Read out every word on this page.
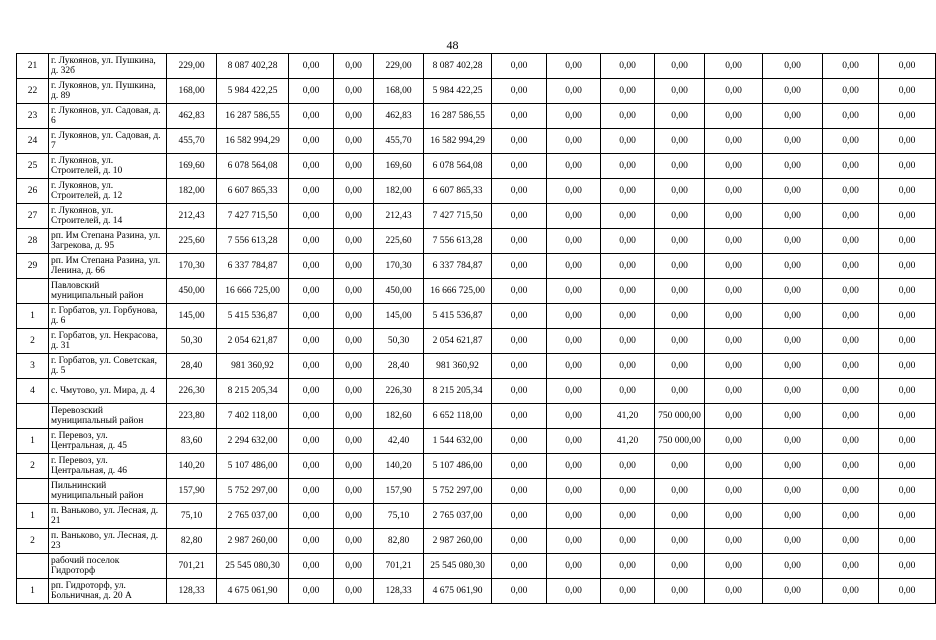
48
21	г. Лукоянов, ул. Пушкина, д. 32б	229,00	8 087 402,28	0,00	0,00	229,00	8 087 402,28	0,00	0,00	0,00	0,00	0,00	0,00	0,00	0,00
22	г. Лукоянов, ул. Пушкина, д. 89	168,00	5 984 422,25	0,00	0,00	168,00	5 984 422,25	0,00	0,00	0,00	0,00	0,00	0,00	0,00	0,00
23	г. Лукоянов, ул. Садовая, д. 6	462,83	16 287 586,55	0,00	0,00	462,83	16 287 586,55	0,00	0,00	0,00	0,00	0,00	0,00	0,00	0,00
24	г. Лукоянов, ул. Садовая, д. 7	455,70	16 582 994,29	0,00	0,00	455,70	16 582 994,29	0,00	0,00	0,00	0,00	0,00	0,00	0,00	0,00
25	г. Лукоянов, ул. Строителей, д. 10	169,60	6 078 564,08	0,00	0,00	169,60	6 078 564,08	0,00	0,00	0,00	0,00	0,00	0,00	0,00	0,00
26	г. Лукоянов, ул. Строителей, д. 12	182,00	6 607 865,33	0,00	0,00	182,00	6 607 865,33	0,00	0,00	0,00	0,00	0,00	0,00	0,00	0,00
27	г. Лукоянов, ул. Строителей, д. 14	212,43	7 427 715,50	0,00	0,00	212,43	7 427 715,50	0,00	0,00	0,00	0,00	0,00	0,00	0,00	0,00
28	рп. Им Степана Разина, ул. Загрекова, д. 95	225,60	7 556 613,28	0,00	0,00	225,60	7 556 613,28	0,00	0,00	0,00	0,00	0,00	0,00	0,00	0,00
29	рп. Им Степана Разина, ул. Ленина, д. 66	170,30	6 337 784,87	0,00	0,00	170,30	6 337 784,87	0,00	0,00	0,00	0,00	0,00	0,00	0,00	0,00
	Павловский муниципальный район	450,00	16 666 725,00	0,00	0,00	450,00	16 666 725,00	0,00	0,00	0,00	0,00	0,00	0,00	0,00	0,00
1	г. Горбатов, ул. Горбунова, д. 6	145,00	5 415 536,87	0,00	0,00	145,00	5 415 536,87	0,00	0,00	0,00	0,00	0,00	0,00	0,00	0,00
2	г. Горбатов, ул. Некрасова, д. 31	50,30	2 054 621,87	0,00	0,00	50,30	2 054 621,87	0,00	0,00	0,00	0,00	0,00	0,00	0,00	0,00
3	г. Горбатов, ул. Советская, д. 5	28,40	981 360,92	0,00	0,00	28,40	981 360,92	0,00	0,00	0,00	0,00	0,00	0,00	0,00	0,00
4	с. Чмутово, ул. Мира, д. 4	226,30	8 215 205,34	0,00	0,00	226,30	8 215 205,34	0,00	0,00	0,00	0,00	0,00	0,00	0,00	0,00
	Перевозский муниципальный район	223,80	7 402 118,00	0,00	0,00	182,60	6 652 118,00	0,00	0,00	41,20	750 000,00	0,00	0,00	0,00	0,00
1	г. Перевоз, ул. Центральная, д. 45	83,60	2 294 632,00	0,00	0,00	42,40	1 544 632,00	0,00	0,00	41,20	750 000,00	0,00	0,00	0,00	0,00
2	г. Перевоз, ул. Центральная, д. 46	140,20	5 107 486,00	0,00	0,00	140,20	5 107 486,00	0,00	0,00	0,00	0,00	0,00	0,00	0,00	0,00
	Пильнинский муниципальный район	157,90	5 752 297,00	0,00	0,00	157,90	5 752 297,00	0,00	0,00	0,00	0,00	0,00	0,00	0,00	0,00
1	п. Ваньково, ул. Лесная, д. 21	75,10	2 765 037,00	0,00	0,00	75,10	2 765 037,00	0,00	0,00	0,00	0,00	0,00	0,00	0,00	0,00
2	п. Ваньково, ул. Лесная, д. 23	82,80	2 987 260,00	0,00	0,00	82,80	2 987 260,00	0,00	0,00	0,00	0,00	0,00	0,00	0,00	0,00
	рабочий поселок Гидроторф	701,21	25 545 080,30	0,00	0,00	701,21	25 545 080,30	0,00	0,00	0,00	0,00	0,00	0,00	0,00	0,00
1	рп. Гидроторф, ул. Больничная, д. 20 А	128,33	4 675 061,90	0,00	0,00	128,33	4 675 061,90	0,00	0,00	0,00	0,00	0,00	0,00	0,00	0,00
